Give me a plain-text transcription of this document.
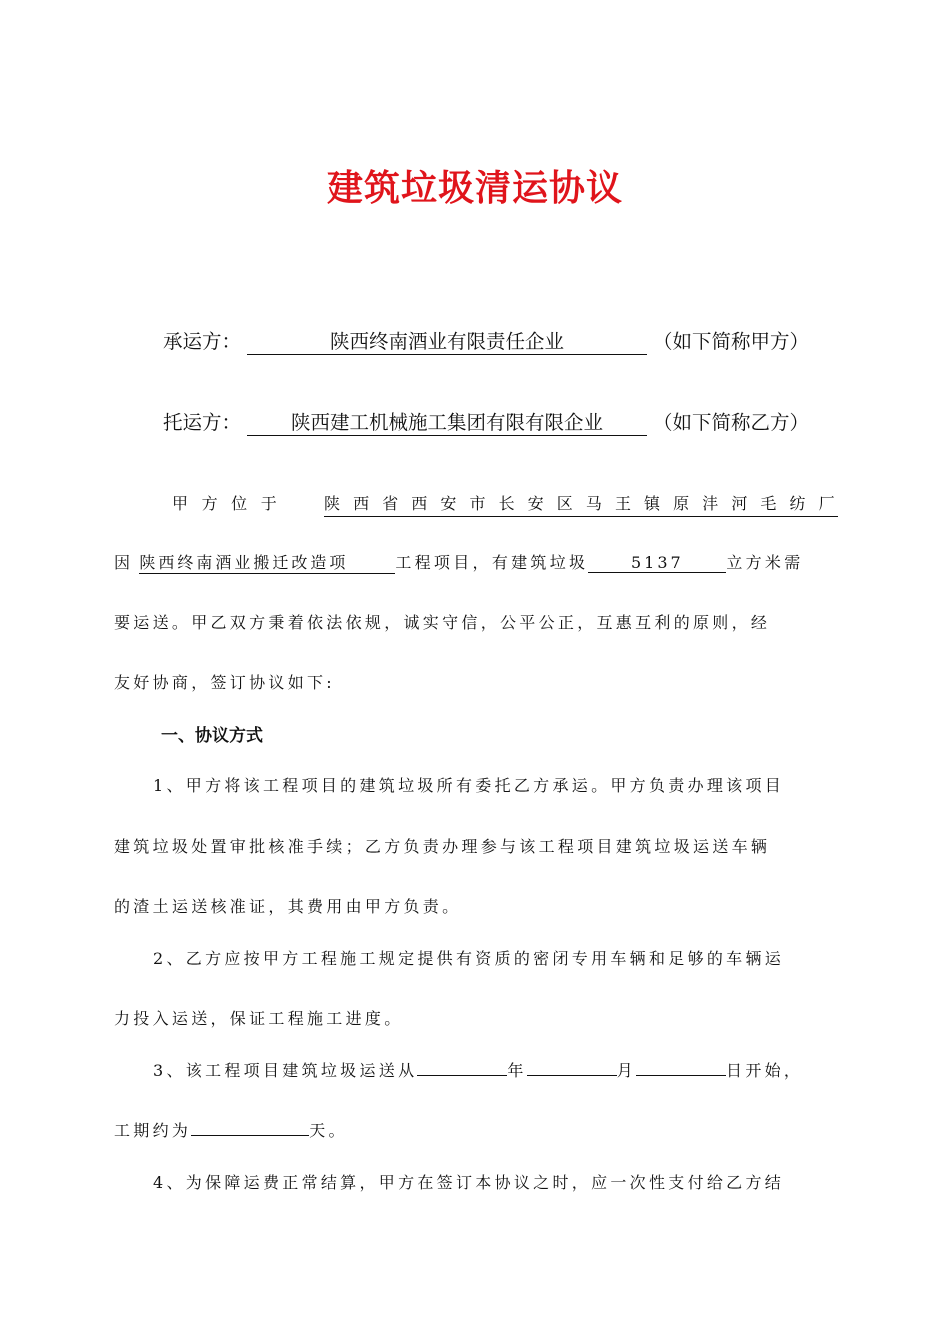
建筑垃圾清运协议
承运方：	陕西终南酒业有限责任企业	（如下简称甲方）
托运方：	陕西建工机械施工集团有限有限企业	（如下简称乙方）
甲 方 位 于	陕 西 省 西 安 市 长 安 区 马 王 镇 原 沣 河 毛 纺 厂
因 陕西终南酒业搬迁改造项	工程项目，有建筑垃圾	5137	立方米需
要运送。甲乙双方秉着依法依规，诚实守信，公平公正，互惠互利的原则，经
友好协商，签订协议如下:
一、协议方式
1、甲方将该工程项目的建筑垃圾所有委托乙方承运。甲方负责办理该项目
建筑垃圾处置审批核准手续；乙方负责办理参与该工程项目建筑垃圾运送车辆
的渣土运送核准证，其费用由甲方负责。
2、乙方应按甲方工程施工规定提供有资质的密闭专用车辆和足够的车辆运
力投入运送，保证工程施工进度。
3、该工程项目建筑垃圾运送从	年	月	日开始，
工期约为	天。
4、为保障运费正常结算，甲方在签订本协议之时，应一次性支付给乙方结
